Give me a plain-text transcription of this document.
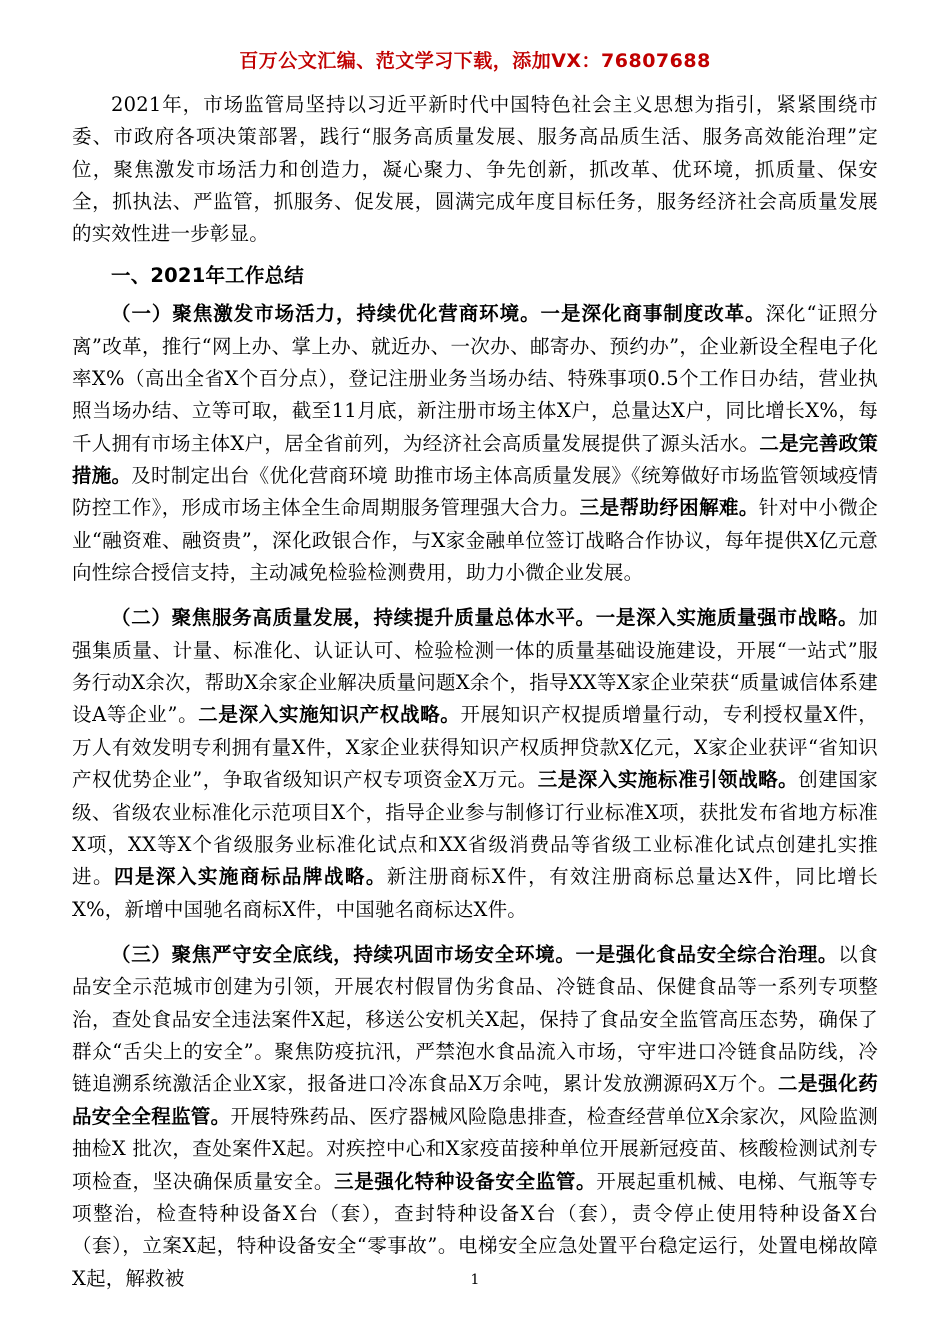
百万公文汇编、范文学习下载，添加VX：76807688

2021年，市场监管局坚持以习近平新时代中国特色社会主义思想为指引，紧紧围绕市委、市政府各项决策部署，践行“服务高质量发展、服务高品质生活、服务高效能治理”定位，聚焦激发市场活力和创造力，凝心聚力、争先创新，抓改革、优环境，抓质量、保安全，抓执法、严监管，抓服务、促发展，圆满完成年度目标任务，服务经济社会高质量发展的实效性进一步彰显。

一、2021年工作总结

（一）聚焦激发市场活力，持续优化营商环境。一是深化商事制度改革。深化“证照分离”改革，推行“网上办、掌上办、就近办、一次办、邮寄办、预约办”，企业新设全程电子化率X%（高出全省X个百分点），登记注册业务当场办结、特殊事项0.5个工作日办结，营业执照当场办结、立等可取，截至11月底，新注册市场主体X户，总量达X户，同比增长X%，每千人拥有市场主体X户，居全省前列，为经济社会高质量发展提供了源头活水。二是完善政策措施。及时制定出台《优化营商环境 助推市场主体高质量发展》《统筹做好市场监管领域疫情防控工作》，形成市场主体全生命周期服务管理强大合力。三是帮助纾困解难。针对中小微企业“融资难、融资贵”，深化政银合作，与X家金融单位签订战略合作协议，每年提供X亿元意向性综合授信支持，主动减免检验检测费用，助力小微企业发展。

（二）聚焦服务高质量发展，持续提升质量总体水平。一是深入实施质量强市战略。加强集质量、计量、标准化、认证认可、检验检测一体的质量基础设施建设，开展“一站式”服务行动X余次，帮助X余家企业解决质量问题X余个，指导XX等X家企业荣获“质量诚信体系建设A等企业”。二是深入实施知识产权战略。开展知识产权提质增量行动，专利授权量X件，万人有效发明专利拥有量X件，X家企业获得知识产权质押贷款X亿元，X家企业获评“省知识产权优势企业”，争取省级知识产权专项资金X万元。三是深入实施标准引领战略。创建国家级、省级农业标准化示范项目X个，指导企业参与制修订行业标准X项，获批发布省地方标准X项，XX等X个省级服务业标准化试点和XX省级消费品等省级工业标准化试点创建扎实推进。四是深入实施商标品牌战略。新注册商标X件，有效注册商标总量达X件，同比增长X%，新增中国驰名商标X件，中国驰名商标达X件。

（三）聚焦严守安全底线，持续巩固市场安全环境。一是强化食品安全综合治理。以食品安全示范城市创建为引领，开展农村假冒伪劣食品、冷链食品、保健食品等一系列专项整治，查处食品安全违法案件X起，移送公安机关X起，保持了食品安全监管高压态势，确保了群众“舌尖上的安全”。聚焦防疫抗汛，严禁泡水食品流入市场，守牢进口冷链食品防线，冷链追溯系统激活企业X家，报备进口冷冻食品X万余吨，累计发放溯源码X万个。二是强化药品安全全程监管。开展特殊药品、医疗器械风险隐患排查，检查经营单位X余家次，风险监测抽检X 批次，查处案件X起。对疾控中心和X家疫苗接种单位开展新冠疫苗、核酸检测试剂专项检查，坚决确保质量安全。三是强化特种设备安全监管。开展起重机械、电梯、气瓶等专项整治，检查特种设备X台（套），查封特种设备X台（套），责令停止使用特种设备X台（套），立案X起，特种设备安全“零事故”。电梯安全应急处置平台稳定运行，处置电梯故障X起，解救被	1
